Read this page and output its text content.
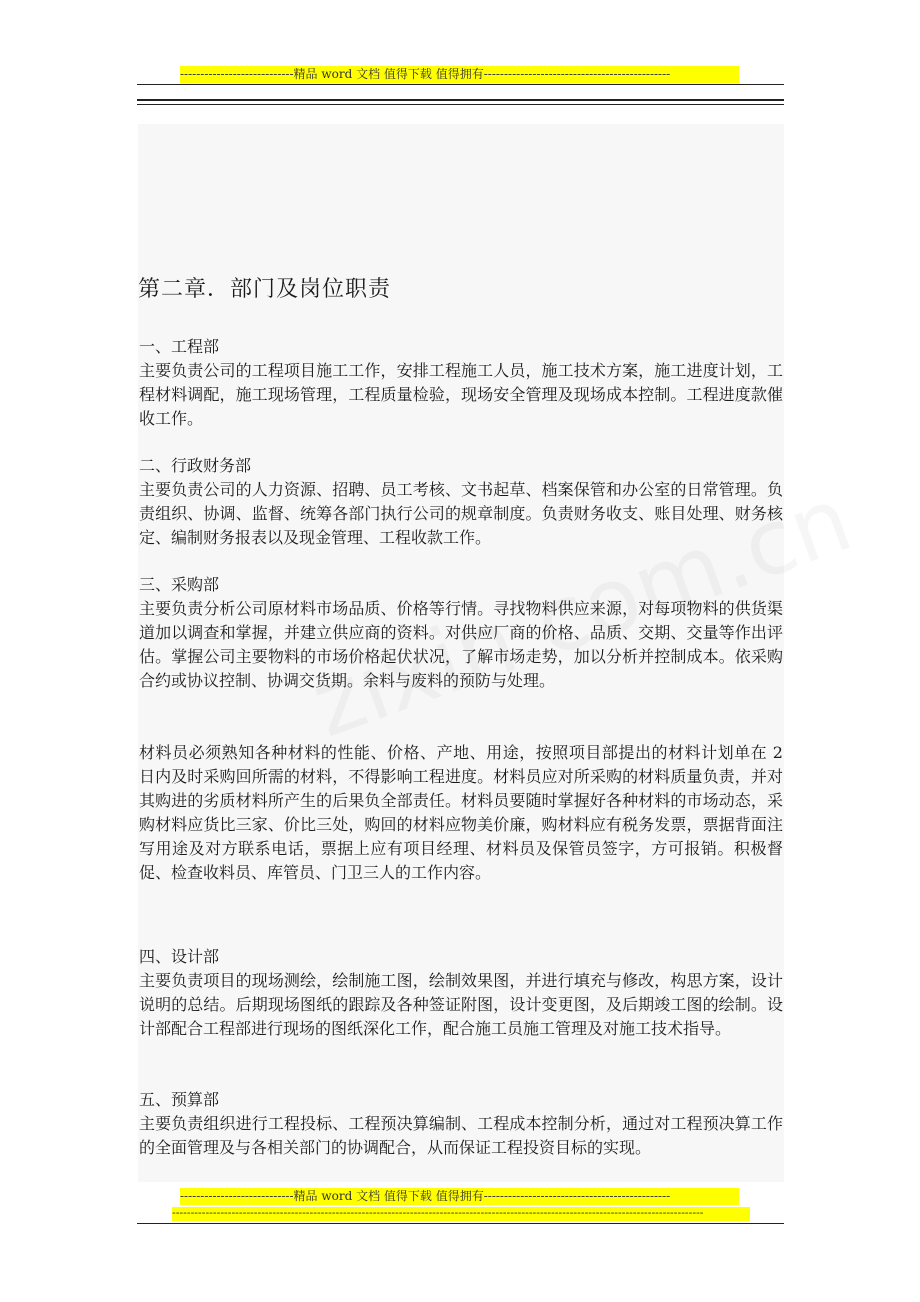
----------------------------精品 word 文档 值得下载 值得拥有----------------------------------------------
第二章．部门及岗位职责

一、工程部

主要负责公司的工程项目施工工作，安排工程施工人员，施工技术方案，施工进度计划，工程材料调配，施工现场管理，工程质量检验，现场安全管理及现场成本控制。工程进度款催收工作。

二、行政财务部

主要负责公司的人力资源、招聘、员工考核、文书起草、档案保管和办公室的日常管理。负责组织、协调、监督、统筹各部门执行公司的规章制度。负责财务收支、账目处理、财务核定、编制财务报表以及现金管理、工程收款工作。

三、采购部

主要负责分析公司原材料市场品质、价格等行情。寻找物料供应来源，对每项物料的供货渠道加以调查和掌握，并建立供应商的资料。对供应厂商的价格、品质、交期、交量等作出评估。掌握公司主要物料的市场价格起伏状况，了解市场走势，加以分析并控制成本。依采购合约或协议控制、协调交货期。余料与废料的预防与处理。

材料员必须熟知各种材料的性能、价格、产地、用途，按照项目部提出的材料计划单在 2 日内及时采购回所需的材料，不得影响工程进度。材料员应对所采购的材料质量负责，并对其购进的劣质材料所产生的后果负全部责任。材料员要随时掌握好各种材料的市场动态，采购材料应货比三家、价比三处，购回的材料应物美价廉，购材料应有税务发票，票据背面注写用途及对方联系电话，票据上应有项目经理、材料员及保管员签字，方可报销。积极督促、检查收料员、库管员、门卫三人的工作内容。

四、设计部

主要负责项目的现场测绘，绘制施工图，绘制效果图，并进行填充与修改，构思方案，设计说明的总结。后期现场图纸的跟踪及各种签证附图，设计变更图，及后期竣工图的绘制。设计部配合工程部进行现场的图纸深化工作，配合施工员施工管理及对施工技术指导。

五、预算部

主要负责组织进行工程投标、工程预决算编制、工程成本控制分析，通过对工程预决算工作的全面管理及与各相关部门的协调配合，从而保证工程投资目标的实现。

----------------------------精品 word 文档 值得下载 值得拥有----------------------------------------------
-----------------------------------------------------------------------------------------------------------------------------------------------
